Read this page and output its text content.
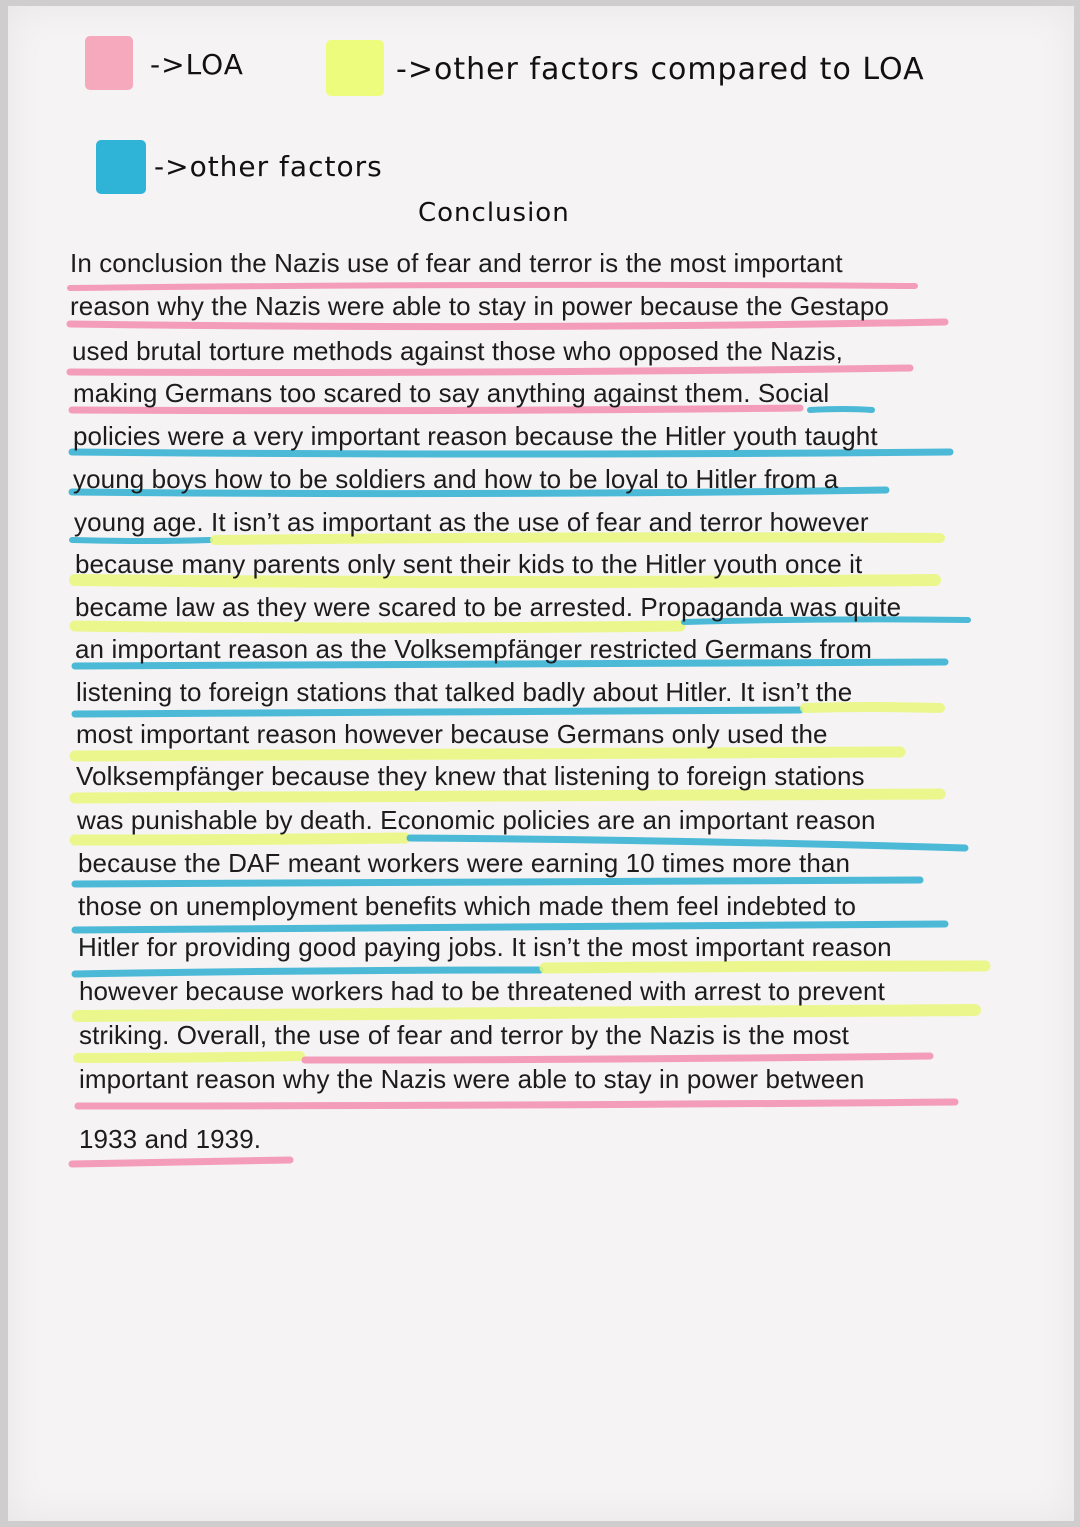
->LOA	->other factors compared to LOA
->other factors
Conclusion
In conclusion the Nazis use of fear and terror is the most important
reason why the Nazis were able to stay in power because the Gestapo
used brutal torture methods against those who opposed the Nazis,
making Germans too scared to say anything against them. Social
policies were a very important reason because the Hitler youth taught
young boys how to be soldiers and how to be loyal to Hitler from a
young age. It isn’t as important as the use of fear and terror however
because many parents only sent their kids to the Hitler youth once it
became law as they were scared to be arrested. Propaganda was quite
an important reason as the Volksempfänger restricted Germans from
listening to foreign stations that talked badly about Hitler. It isn’t the
most important reason however because Germans only used the
Volksempfänger because they knew that listening to foreign stations
was punishable by death. Economic policies are an important reason
because the DAF meant workers were earning 10 times more than
those on unemployment benefits which made them feel indebted to
Hitler for providing good paying jobs. It isn’t the most important reason
however because workers had to be threatened with arrest to prevent
striking. Overall, the use of fear and terror by the Nazis is the most
important reason why the Nazis were able to stay in power between
1933 and 1939.
